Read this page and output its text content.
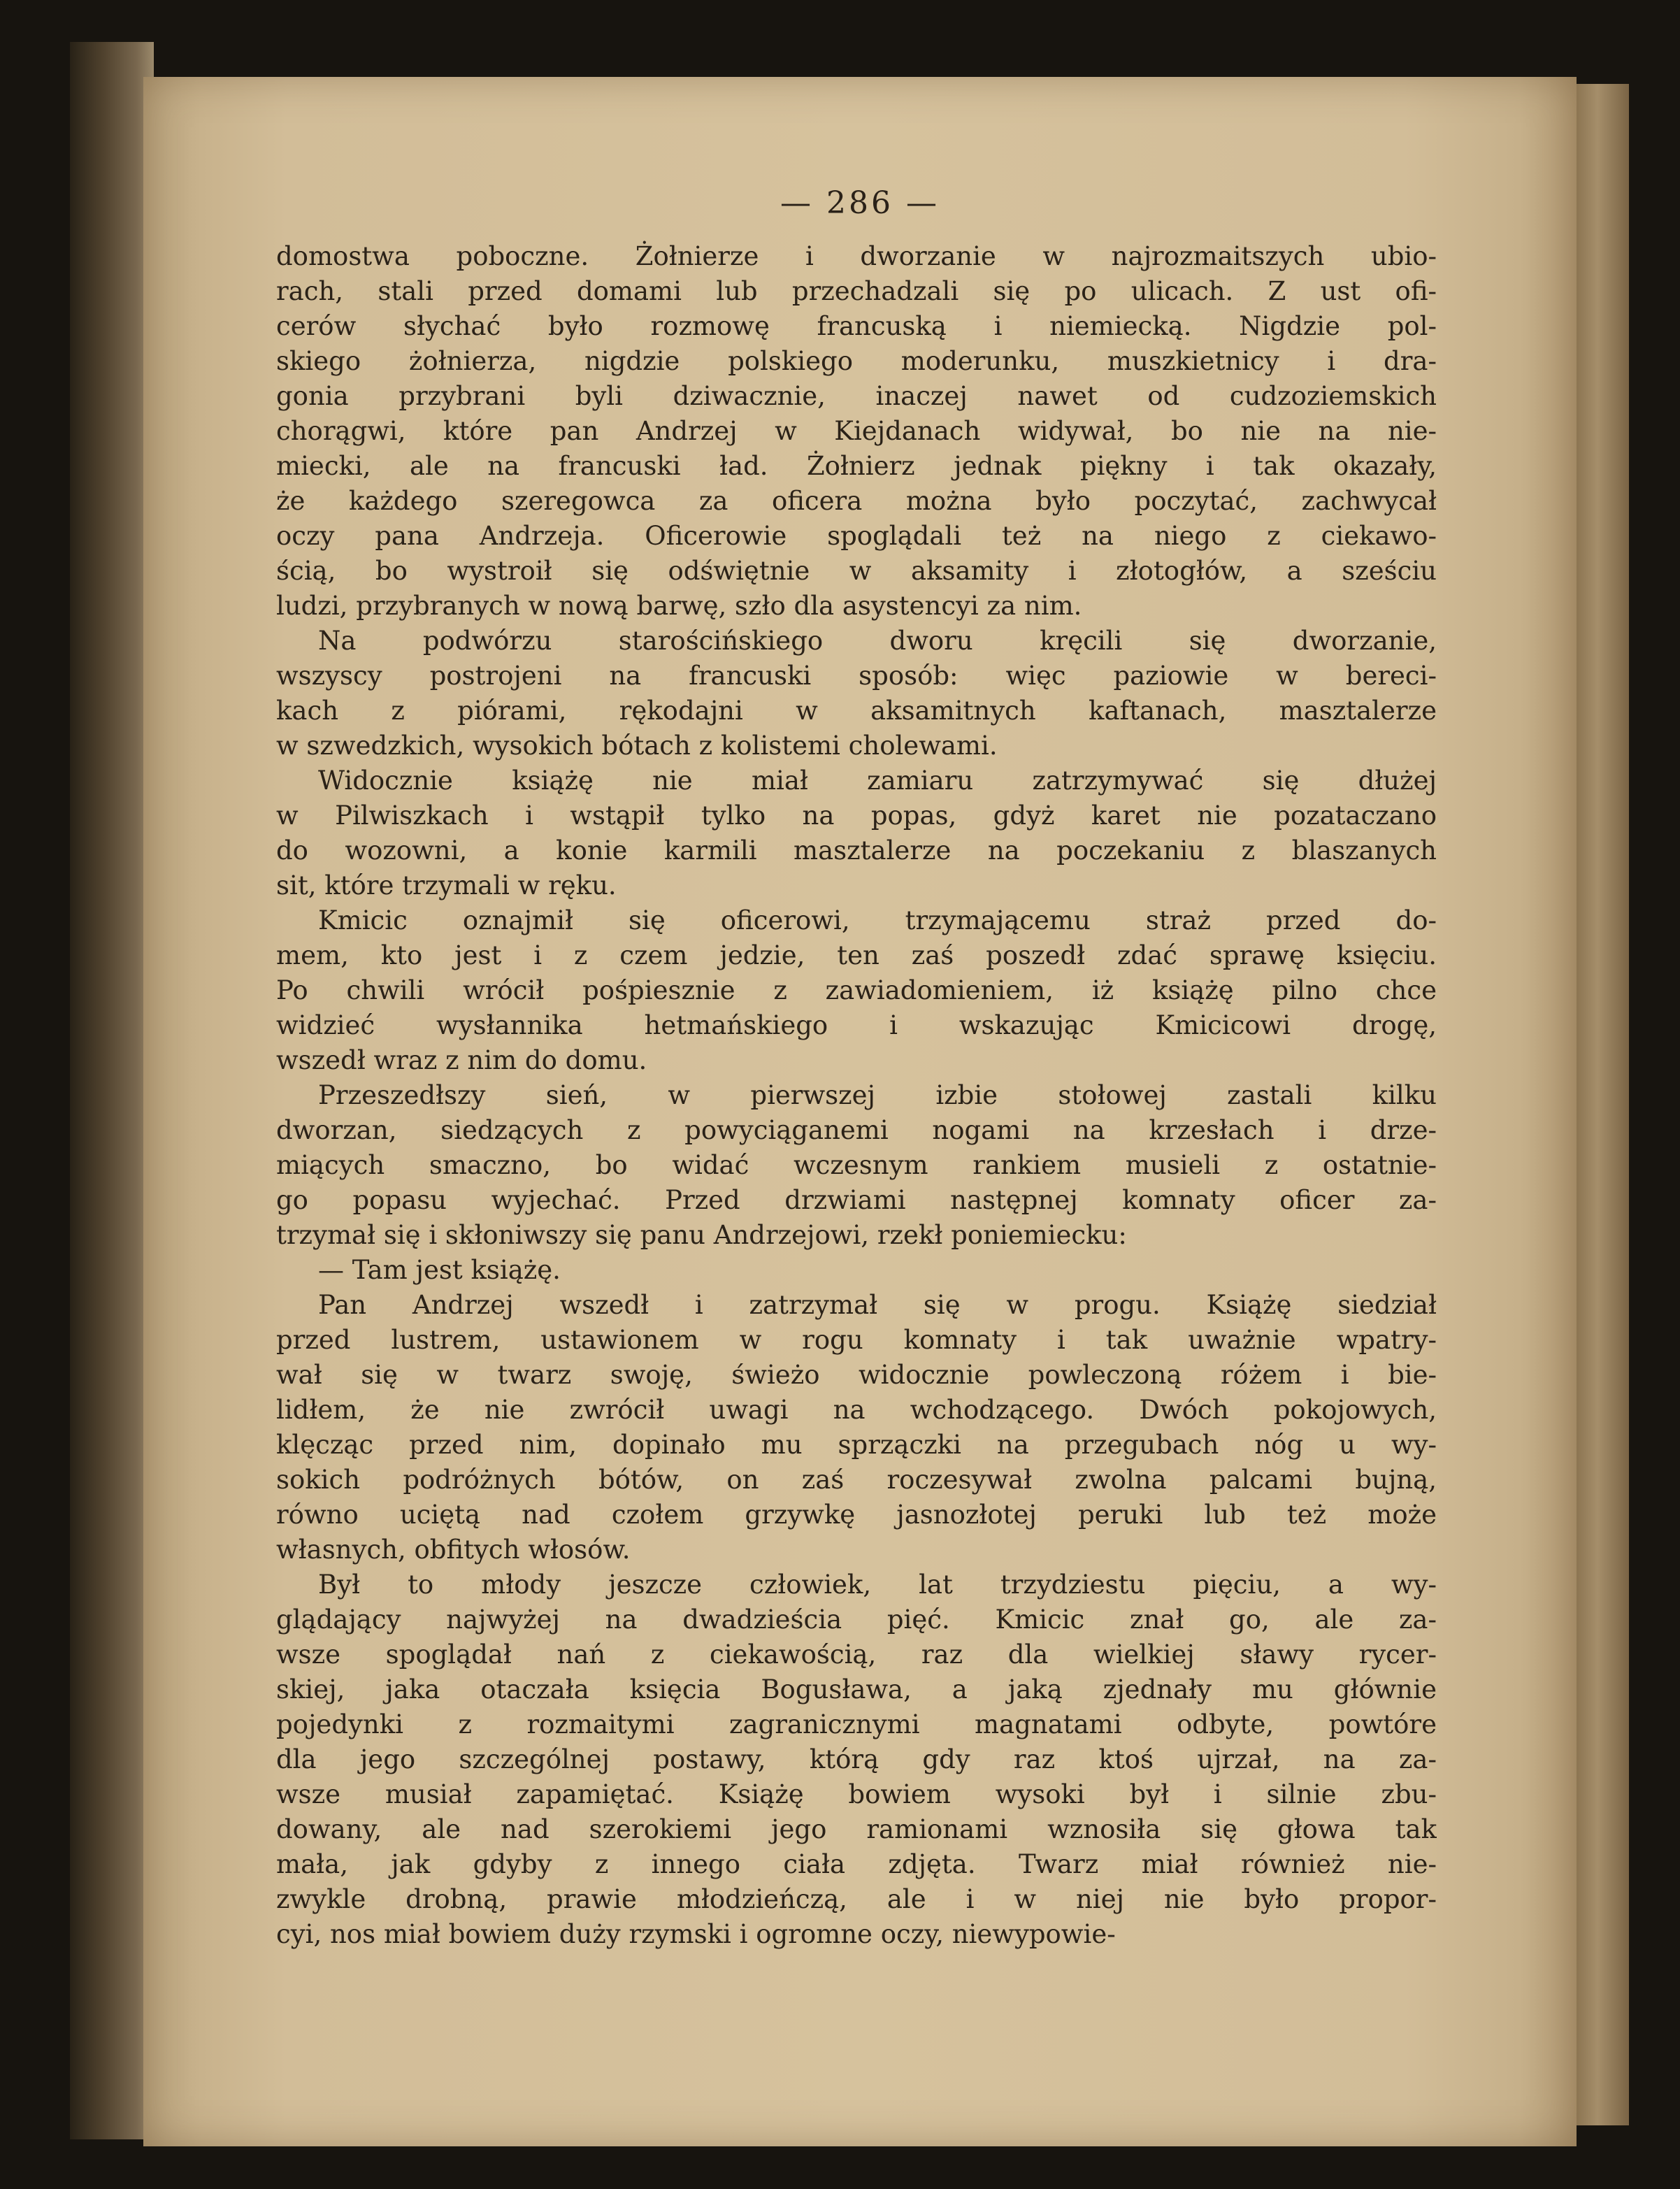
— 286 —
domostwa poboczne. Żołnierze i dworzanie w najrozmaitszych ubio-
rach, stali przed domami lub przechadzali się po ulicach. Z ust ofi-
cerów słychać było rozmowę francuską i niemiecką. Nigdzie pol-
skiego żołnierza, nigdzie polskiego moderunku, muszkietnicy i dra-
gonia przybrani byli dziwacznie, inaczej nawet od cudzoziemskich
chorągwi, które pan Andrzej w Kiejdanach widywał, bo nie na nie-
miecki, ale na francuski ład. Żołnierz jednak piękny i tak okazały,
że każdego szeregowca za oficera można było poczytać, zachwycał
oczy pana Andrzeja. Oficerowie spoglądali też na niego z ciekawo-
ścią, bo wystroił się odświętnie w aksamity i złotogłów, a sześciu
ludzi, przybranych w nową barwę, szło dla asystencyi za nim.
Na podwórzu starościńskiego dworu kręcili się dworzanie,
wszyscy postrojeni na francuski sposób: więc paziowie w bereci-
kach z piórami, rękodajni w aksamitnych kaftanach, masztalerze
w szwedzkich, wysokich bótach z kolistemi cholewami.
Widocznie książę nie miał zamiaru zatrzymywać się dłużej
w Pilwiszkach i wstąpił tylko na popas, gdyż karet nie pozataczano
do wozowni, a konie karmili masztalerze na poczekaniu z blaszanych
sit, które trzymali w ręku.
Kmicic oznajmił się oficerowi, trzymającemu straż przed do-
mem, kto jest i z czem jedzie, ten zaś poszedł zdać sprawę księciu.
Po chwili wrócił pośpiesznie z zawiadomieniem, iż książę pilno chce
widzieć wysłannika hetmańskiego i wskazując Kmicicowi drogę,
wszedł wraz z nim do domu.
Przeszedłszy sień, w pierwszej izbie stołowej zastali kilku
dworzan, siedzących z powyciąganemi nogami na krzesłach i drze-
miących smaczno, bo widać wczesnym rankiem musieli z ostatnie-
go popasu wyjechać. Przed drzwiami następnej komnaty oficer za-
trzymał się i skłoniwszy się panu Andrzejowi, rzekł poniemiecku:
— Tam jest książę.
Pan Andrzej wszedł i zatrzymał się w progu. Książę siedział
przed lustrem, ustawionem w rogu komnaty i tak uważnie wpatry-
wał się w twarz swoję, świeżo widocznie powleczoną różem i bie-
lidłem, że nie zwrócił uwagi na wchodzącego. Dwóch pokojowych,
klęcząc przed nim, dopinało mu sprzączki na przegubach nóg u wy-
sokich podróżnych bótów, on zaś roczesywał zwolna palcami bujną,
równo uciętą nad czołem grzywkę jasnozłotej peruki lub też może
własnych, obfitych włosów.
Był to młody jeszcze człowiek, lat trzydziestu pięciu, a wy-
glądający najwyżej na dwadzieścia pięć. Kmicic znał go, ale za-
wsze spoglądał nań z ciekawością, raz dla wielkiej sławy rycer-
skiej, jaka otaczała księcia Bogusława, a jaką zjednały mu głównie
pojedynki z rozmaitymi zagranicznymi magnatami odbyte, powtóre
dla jego szczególnej postawy, którą gdy raz ktoś ujrzał, na za-
wsze musiał zapamiętać. Książę bowiem wysoki był i silnie zbu-
dowany, ale nad szerokiemi jego ramionami wznosiła się głowa tak
mała, jak gdyby z innego ciała zdjęta. Twarz miał również nie-
zwykle drobną, prawie młodzieńczą, ale i w niej nie było propor-
cyi, nos miał bowiem duży rzymski i ogromne oczy, niewypowie-
